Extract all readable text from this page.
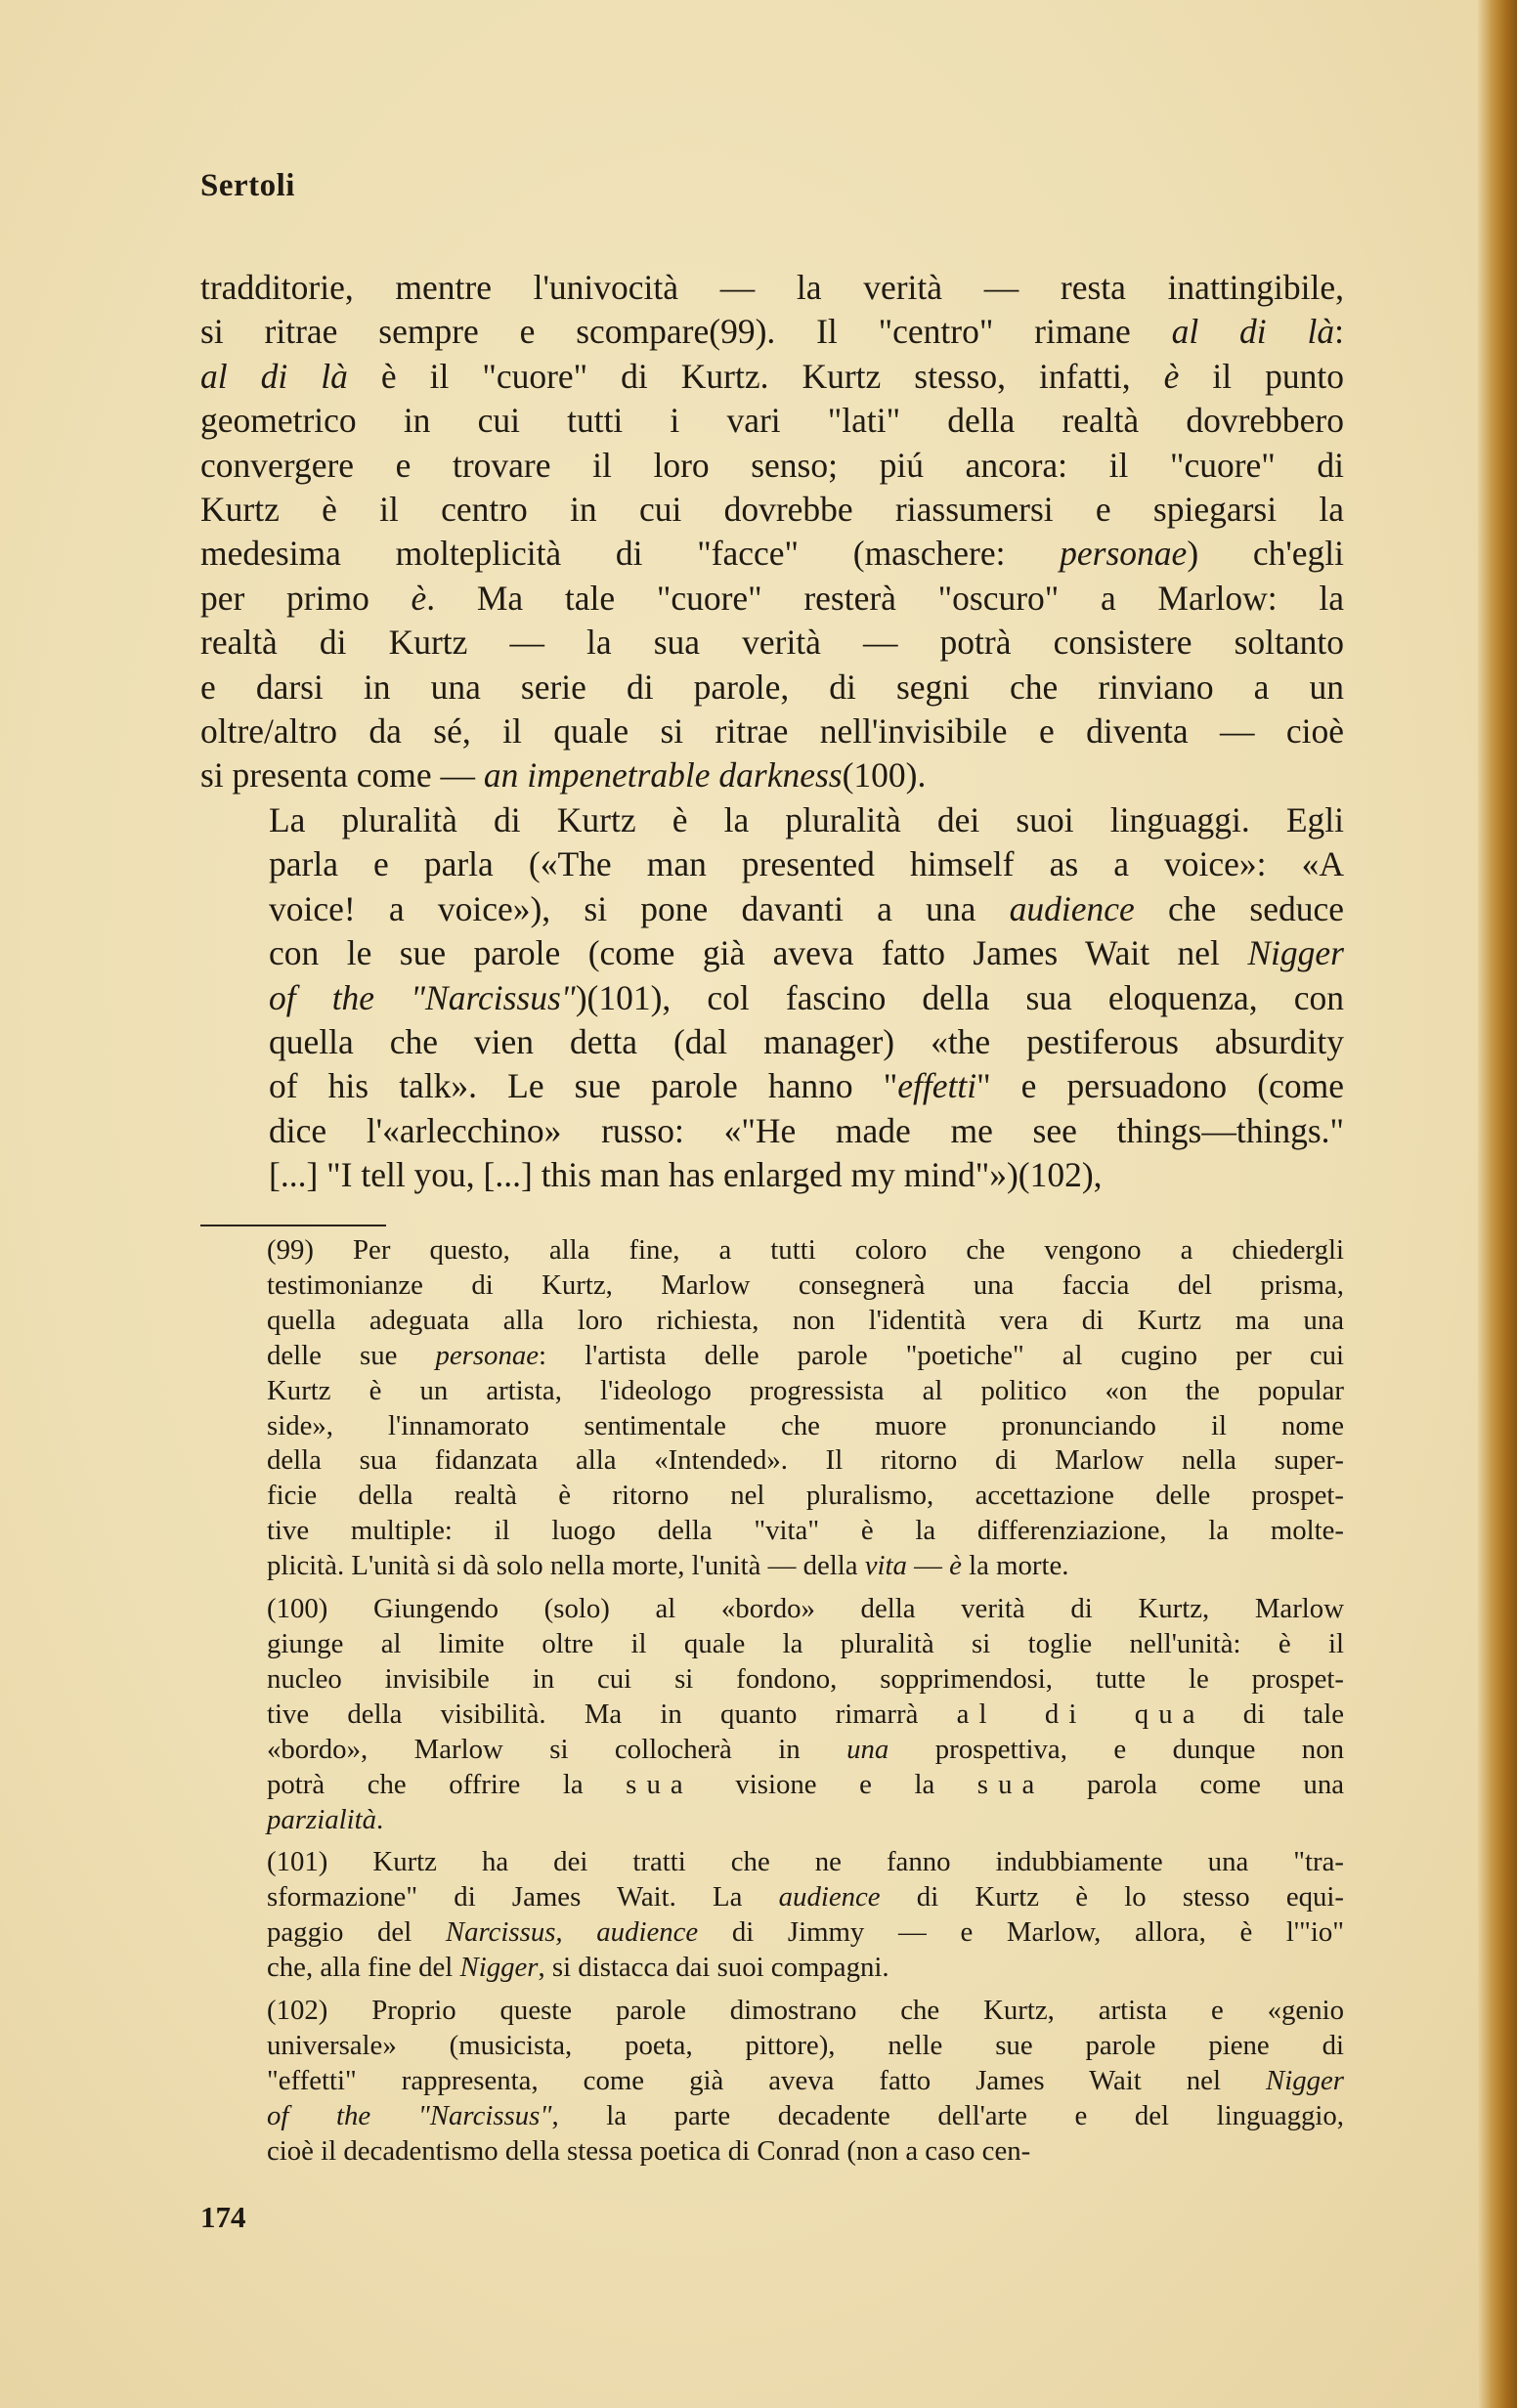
Sertoli

tradditorie, mentre l'univocità — la verità — resta inattingibile,
si ritrae sempre e scompare(99). Il "centro" rimane al di là:
al di là è il "cuore" di Kurtz. Kurtz stesso, infatti, è il punto
geometrico in cui tutti i vari "lati" della realtà dovrebbero
convergere e trovare il loro senso; piú ancora: il "cuore" di
Kurtz è il centro in cui dovrebbe riassumersi e spiegarsi la
medesima molteplicità di "facce" (maschere: personae) ch'egli
per primo è. Ma tale "cuore" resterà "oscuro" a Marlow: la
realtà di Kurtz — la sua verità — potrà consistere soltanto
e darsi in una serie di parole, di segni che rinviano a un
oltre/altro da sé, il quale si ritrae nell'invisibile e diventa — cioè
si presenta come — an impenetrable darkness(100).

La pluralità di Kurtz è la pluralità dei suoi linguaggi. Egli
parla e parla («The man presented himself as a voice»: «A
voice! a voice»), si pone davanti a una audience che seduce
con le sue parole (come già aveva fatto James Wait nel Nigger
of the "Narcissus")(101), col fascino della sua eloquenza, con
quella che vien detta (dal manager) «the pestiferous absurdity
of his talk». Le sue parole hanno "effetti" e persuadono (come
dice l'«arlecchino» russo: «"He made me see things—things."
[...] "I tell you, [...] this man has enlarged my mind"»)(102),

(99) Per questo, alla fine, a tutti coloro che vengono a chiedergli
testimonianze di Kurtz, Marlow consegnerà una faccia del prisma,
quella adeguata alla loro richiesta, non l'identità vera di Kurtz ma una
delle sue personae: l'artista delle parole "poetiche" al cugino per cui
Kurtz è un artista, l'ideologo progressista al politico «on the popular
side», l'innamorato sentimentale che muore pronunciando il nome
della sua fidanzata alla «Intended». Il ritorno di Marlow nella super-
ficie della realtà è ritorno nel pluralismo, accettazione delle prospet-
tive multiple: il luogo della "vita" è la differenziazione, la molte-
plicità. L'unità si dà solo nella morte, l'unità — della vita — è la morte.

(100) Giungendo (solo) al «bordo» della verità di Kurtz, Marlow
giunge al limite oltre il quale la pluralità si toglie nell'unità: è il
nucleo invisibile in cui si fondono, sopprimendosi, tutte le prospet-
tive della visibilità. Ma in quanto rimarrà al di qua di tale
«bordo», Marlow si collocherà in una prospettiva, e dunque non
potrà che offrire la sua visione e la sua parola come una
parzialità.

(101) Kurtz ha dei tratti che ne fanno indubbiamente una "tra-
sformazione" di James Wait. La audience di Kurtz è lo stesso equi-
paggio del Narcissus, audience di Jimmy — e Marlow, allora, è l'"io"
che, alla fine del Nigger, si distacca dai suoi compagni.

(102) Proprio queste parole dimostrano che Kurtz, artista e «genio
universale» (musicista, poeta, pittore), nelle sue parole piene di
"effetti" rappresenta, come già aveva fatto James Wait nel Nigger
of the "Narcissus", la parte decadente dell'arte e del linguaggio,
cioè il decadentismo della stessa poetica di Conrad (non a caso cen-

174
